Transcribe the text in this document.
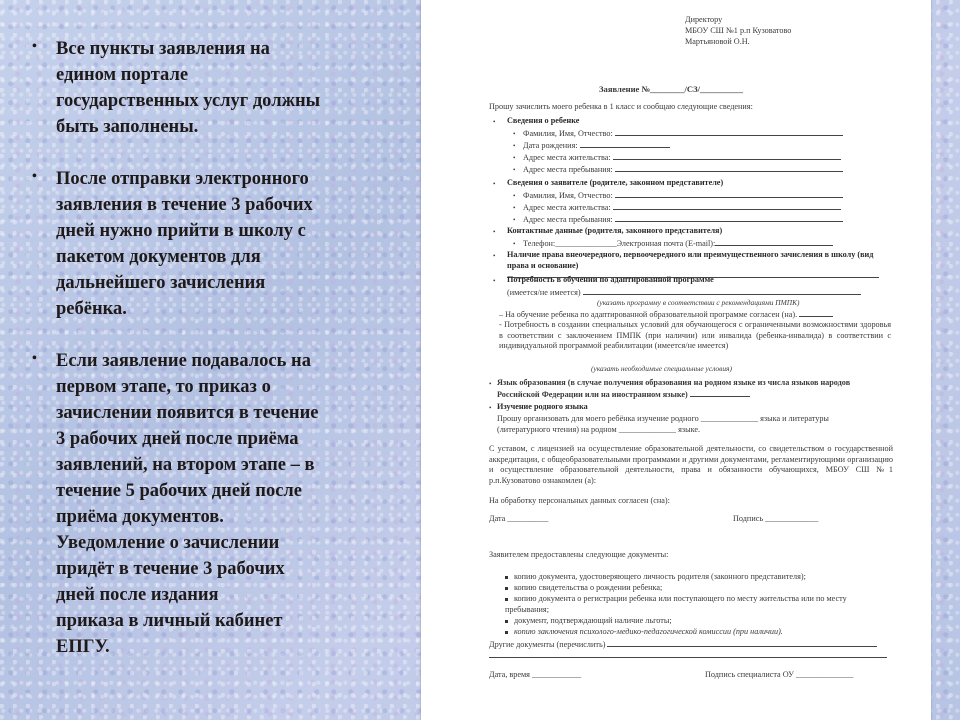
• Все пункты заявления на
едином портале
государственных услуг должны
быть заполнены.
• После отправки электронного
заявления в течение 3 рабочих
дней нужно прийти в школу с
пакетом документов для
дальнейшего зачисления
ребёнка.
• Если заявление подавалось на
первом этапе, то приказ о
зачислении появится в течение
3 рабочих дней после приёма
заявлений, на втором этапе – в
течение 5 рабочих дней после
приёма документов.
Уведомление о зачислении
придёт в течение 3 рабочих
дней после издания
приказа в личный кабинет
ЕПГУ.
Директору
МБОУ СШ №1 р.п Кузоватово
Мартьяновой О.Н.
Заявление №________/СЗ/__________
Прошу зачислить моего ребенка в 1 класс и сообщаю следующие сведения:
• Сведения о ребенке
• Фамилия, Имя, Отчество:
• Дата рождения:
• Адрес места жительства:
• Адрес места пребывания:
• Сведения о заявителе (родителе, законном представителе)
• Фамилия, Имя, Отчество:
• Адрес места жительства:
• Адрес места пребывания:
• Контактные данные (родителя, законного представителя)
• Телефон:_______________Электронная почта (E-mail):
• Наличие права внеочередного, первоочередного или преимущественного зачисления в школу (вид права и основание)
• Потребность в обучении по адаптированной программе
(имеется/не имеется)
(указать программу в соответствии с рекомендациями ПМПК)
– На обучение ребенка по адаптированной образовательной программе согласен (на).
- Потребность в создании специальных условий для обучающегося с ограниченными возможностями здоровья в соответствии с заключением ПМПК (при наличии) или инвалида (ребенка-инвалида) в соответствии с индивидуальной программой реабилитации (имеется/не имеется)
(указать необходимые специальные условия)
• Язык образования (в случае получения образования на родном языке из числа языков народов Российской Федерации или на иностранном языке)
• Изучение родного языка
Прошу организовать для моего ребёнка изучение родного ______________ языка и литературы (литературного чтения) на родном ______________ языке.
С уставом, с лицензией на осуществление образовательной деятельности, со свидетельством о государственной аккредитации, с общеобразовательными программами и другими документами, регламентирующими организацию и осуществление образовательной деятельности, права и обязанности обучающихся, МБОУ СШ №1 р.п.Кузоватово ознакомлен (а):
На обработку персональных данных согласен (сна):
Дата __________	Подпись _____________
Заявителем предоставлены следующие документы:
копию документа, удостоверяющего личность родителя (законного представителя);
копию свидетельства о рождении ребенка;
копию документа о регистрации ребенка или поступающего по месту жительства или по месту пребывания;
документ, подтверждающий наличие льготы;
копию заключения психолого-медико-педагогической комиссии (при наличии).
Другие документы (перечислить)
Дата, время ____________	Подпись специалиста ОУ ______________
